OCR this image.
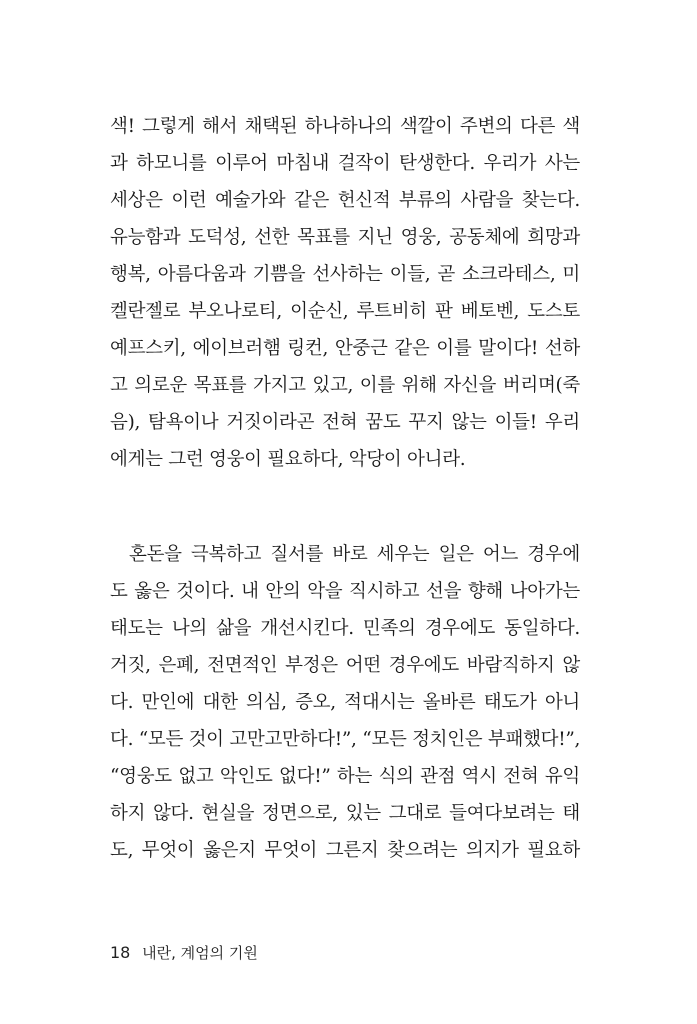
색! 그렇게 해서 채택된 하나하나의 색깔이 주변의 다른 색
과 하모니를 이루어 마침내 걸작이 탄생한다. 우리가 사는
세상은 이런 예술가와 같은 헌신적 부류의 사람을 찾는다.
유능함과 도덕성, 선한 목표를 지닌 영웅, 공동체에 희망과
행복, 아름다움과 기쁨을 선사하는 이들, 곧 소크라테스, 미
켈란젤로 부오나로티, 이순신, 루트비히 판 베토벤, 도스토
예프스키, 에이브러햄 링컨, 안중근 같은 이를 말이다! 선하
고 의로운 목표를 가지고 있고, 이를 위해 자신을 버리며(죽
음), 탐욕이나 거짓이라곤 전혀 꿈도 꾸지 않는 이들! 우리
에게는 그런 영웅이 필요하다, 악당이 아니라.
혼돈을 극복하고 질서를 바로 세우는 일은 어느 경우에
도 옳은 것이다. 내 안의 악을 직시하고 선을 향해 나아가는
태도는 나의 삶을 개선시킨다. 민족의 경우에도 동일하다.
거짓, 은폐, 전면적인 부정은 어떤 경우에도 바람직하지 않
다. 만인에 대한 의심, 증오, 적대시는 올바른 태도가 아니
다. “모든 것이 고만고만하다!”, “모든 정치인은 부패했다!”,
“영웅도 없고 악인도 없다!” 하는 식의 관점 역시 전혀 유익
하지 않다. 현실을 정면으로, 있는 그대로 들여다보려는 태
도, 무엇이 옳은지 무엇이 그른지 찾으려는 의지가 필요하
18 내란, 계엄의 기원
